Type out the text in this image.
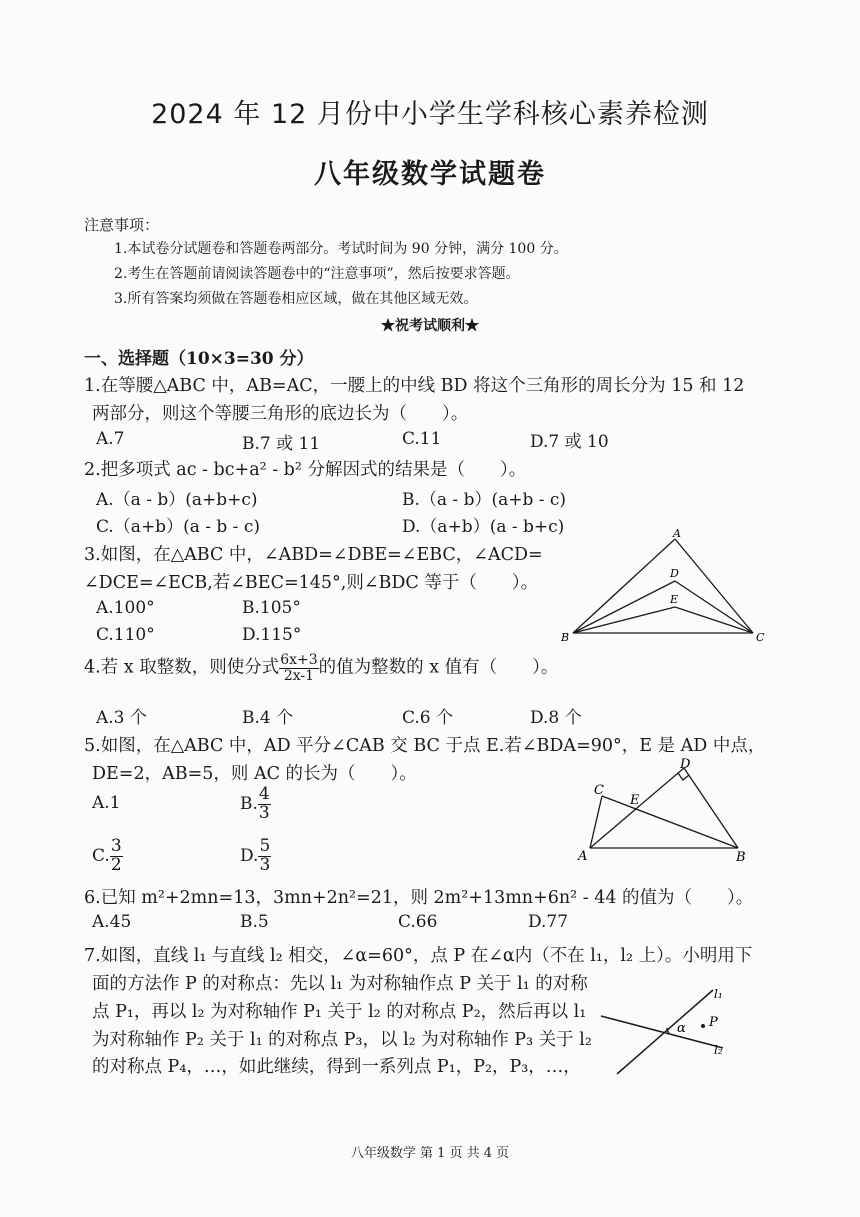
2024 年 12 月份中小学生学科核心素养检测
八年级数学试题卷
注意事项：
1.本试卷分试题卷和答题卷两部分。考试时间为 90 分钟，满分 100 分。
2.考生在答题前请阅读答题卷中的“注意事项”，然后按要求答题。
3.所有答案均须做在答题卷相应区域，做在其他区域无效。
★祝考试顺利★
一、选择题（10×3=30 分）
1.在等腰△ABC 中，AB=AC，一腰上的中线 BD 将这个三角形的周长分为 15 和 12
两部分，则这个等腰三角形的底边长为（　　）。
A.7	B.7 或 11	C.11	D.7 或 10
2.把多项式 ac - bc+a² - b² 分解因式的结果是（　　）。
A.（a - b）(a+b+c)	B.（a - b）(a+b - c)
C.（a+b）(a - b - c)	D.（a+b）(a - b+c)
3.如图，在△ABC 中，∠ABD=∠DBE=∠EBC，∠ACD=
∠DCE=∠ECB,若∠BEC=145°,则∠BDC 等于（　　）。
A.100°	B.105°
C.110°	D.115°
A
D
E
B	C
4.若 x 取整数，则使分式 $\frac{6x+3}{2x-1}$ 的值为整数的 x 值有（　　）。
A.3 个	B.4 个	C.6 个	D.8 个
5.如图，在△ABC 中，AD 平分∠CAB 交 BC 于点 E.若∠BDA=90°，E 是 AD 中点，
DE=2，AB=5，则 AC 的长为（　　）。
A.1	B. $\frac{4}{3}$
C. $\frac{3}{2}$	D. $\frac{5}{3}$	A	B
C
D
E
6.已知 m²+2mn=13，3mn+2n²=21，则 2m²+13mn+6n² - 44 的值为（　　）。
A.45	B.5	C.66	D.77
7.如图，直线 l₁ 与直线 l₂ 相交，∠α=60°，点 P 在∠α内（不在 l₁，l₂ 上）。小明用下
面的方法作 P 的对称点：先以 l₁ 为对称轴作点 P 关于 l₁ 的对称
点 P₁，再以 l₂ 为对称轴作 P₁ 关于 l₂ 的对称点 P₂，然后再以 l₁
为对称轴作 P₂ 关于 l₁ 的对称点 P₃，以 l₂ 为对称轴作 P₃ 关于 l₂
的对称点 P₄，…，如此继续，得到一系列点 P₁，P₂，P₃，…，
l₁
l₂
α P
八年级数学 第 1 页 共 4 页
